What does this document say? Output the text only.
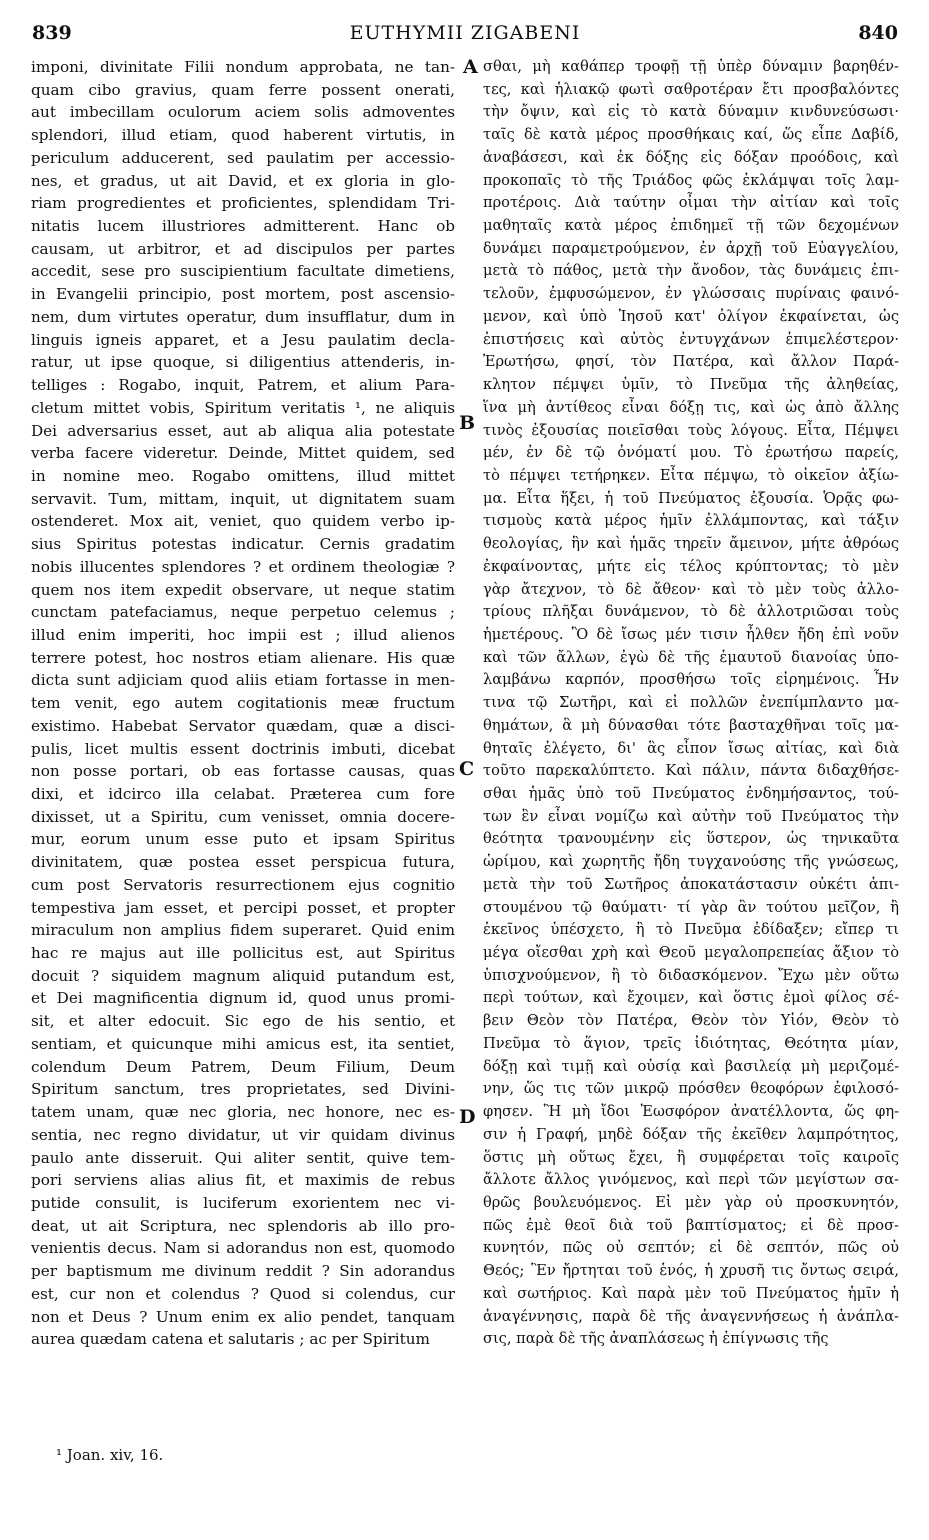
839	EUTHYMII ZIGABENI	840
imponi, divinitate Filii nondum approbata, ne tan-
quam cibo gravius, quam ferre possent onerati,
aut imbecillam oculorum aciem solis admoventes
splendori, illud etiam, quod haberent virtutis, in
periculum adducerent, sed paulatim per accessio-
nes, et gradus, ut ait David, et ex gloria in glo-
riam progredientes et proficientes, splendidam Tri-
nitatis lucem illustriores admitterent. Hanc ob
causam, ut arbitror, et ad discipulos per partes
accedit, sese pro suscipientium facultate dimetiens,
in Evangelii principio, post mortem, post ascensio-
nem, dum virtutes operatur, dum insufflatur, dum in
linguis igneis apparet, et a Jesu paulatim decla-
ratur, ut ipse quoque, si diligentius attenderis, in-
telliges : Rogabo, inquit, Patrem, et alium Para-
cletum mittet vobis, Spiritum veritatis ¹, ne aliquis
Dei adversarius esset, aut ab aliqua alia potestate
verba facere videretur. Deinde, Mittet quidem, sed
in nomine meo. Rogabo omittens, illud mittet
servavit. Tum, mittam, inquit, ut dignitatem suam
ostenderet. Mox ait, veniet, quo quidem verbo ip-
sius Spiritus potestas indicatur. Cernis gradatim
nobis illucentes splendores ? et ordinem theologiæ ?
quem nos item expedit observare, ut neque statim
cunctam patefaciamus, neque perpetuo celemus ;
illud enim imperiti, hoc impii est ; illud alienos
terrere potest, hoc nostros etiam alienare. His quæ
dicta sunt adjiciam quod aliis etiam fortasse in men-
tem venit, ego autem cogitationis meæ fructum
existimo. Habebat Servator quædam, quæ a disci-
pulis, licet multis essent doctrinis imbuti, dicebat
non posse portari, ob eas fortasse causas, quas
dixi, et idcirco illa celabat. Præterea cum fore
dixisset, ut a Spiritu, cum venisset, omnia docere-
mur, eorum unum esse puto et ipsam Spiritus
divinitatem, quæ postea esset perspicua futura,
cum post Servatoris resurrectionem ejus cognitio
tempestiva jam esset, et percipi posset, et propter
miraculum non amplius fidem superaret. Quid enim
hac re majus aut ille pollicitus est, aut Spiritus
docuit ? siquidem magnum aliquid putandum est,
et Dei magnificentia dignum id, quod unus promi-
sit, et alter edocuit. Sic ego de his sentio, et
sentiam, et quicunque mihi amicus est, ita sentiet,
colendum Deum Patrem, Deum Filium, Deum
Spiritum sanctum, tres proprietates, sed Divini-
tatem unam, quæ nec gloria, nec honore, nec es-
sentia, nec regno dividatur, ut vir quidam divinus
paulo ante disseruit. Qui aliter sentit, quive tem-
pori serviens alias alius fit, et maximis de rebus
putide consulit, is luciferum exorientem nec vi-
deat, ut ait Scriptura, nec splendoris ab illo pro-
venientis decus. Nam si adorandus non est, quomodo
per baptismum me divinum reddit ? Sin adorandus
est, cur non et colendus ? Quod si colendus, cur
non et Deus ? Unum enim ex alio pendet, tanquam
aurea quædam catena et salutaris ; ac per Spiritum
σθαι, μὴ καθάπερ τροφῇ τῇ ὑπὲρ δύναμιν βαρηθέν-
τες, καὶ ἡλιακῷ φωτὶ σαθροτέραν ἔτι προσβαλόντες
τὴν ὄψιν, καὶ εἰς τὸ κατὰ δύναμιν κινδυνεύσωσι·
ταῖς δὲ κατὰ μέρος προσθήκαις καί, ὥς εἶπε Δαβίδ,
ἀναβάσεσι, καὶ ἐκ δόξης εἰς δόξαν προόδοις, καὶ
προκοπαῖς τὸ τῆς Τριάδος φῶς ἐκλάμψαι τοῖς λαμ-
προτέροις. Διὰ ταύτην οἶμαι τὴν αἰτίαν καὶ τοῖς
μαθηταῖς κατὰ μέρος ἐπιδημεῖ τῇ τῶν δεχομένων
δυνάμει παραμετρούμενον, ἐν ἀρχῇ τοῦ Εὐαγγελίου,
μετὰ τὸ πάθος, μετὰ τὴν ἄνοδον, τὰς δυνάμεις ἐπι-
τελοῦν, ἐμφυσώμενον, ἐν γλώσσαις πυρίναις φαινό-
μενον, καὶ ὑπὸ Ἰησοῦ κατ' ὀλίγον ἐκφαίνεται, ὡς
ἐπιστήσεις καὶ αὐτὸς ἐντυγχάνων ἐπιμελέστερον·
Ἐρωτήσω, φησί, τὸν Πατέρα, καὶ ἄλλον Παρά-
κλητον πέμψει ὑμῖν, τὸ Πνεῦμα τῆς ἀληθείας,
ἵνα μὴ ἀντίθεος εἶναι δόξῃ τις, καὶ ὡς ἀπὸ ἄλλης
τινὸς ἐξουσίας ποιεῖσθαι τοὺς λόγους. Εἶτα, Πέμψει
μέν, ἐν δὲ τῷ ὀνόματί μου. Τὸ ἐρωτήσω παρείς,
τὸ πέμψει τετήρηκεν. Εἶτα πέμψω, τὸ οἰκεῖον ἀξίω-
μα. Εἶτα ἥξει, ἡ τοῦ Πνεύματος ἐξουσία. Ὁρᾷς φω-
τισμοὺς κατὰ μέρος ἡμῖν ἐλλάμποντας, καὶ τάξιν
θεολογίας, ἣν καὶ ἡμᾶς τηρεῖν ἄμεινον, μήτε ἀθρόως
ἐκφαίνοντας, μήτε εἰς τέλος κρύπτοντας; τὸ μὲν
γὰρ ἄτεχνον, τὸ δὲ ἄθεον· καὶ τὸ μὲν τοὺς ἀλλο-
τρίους πλῆξαι δυνάμενον, τὸ δὲ ἀλλοτριῶσαι τοὺς
ἡμετέρους. Ὃ δὲ ἴσως μέν τισιν ἦλθεν ἤδη ἐπὶ νοῦν
καὶ τῶν ἄλλων, ἐγὼ δὲ τῆς ἐμαυτοῦ διανοίας ὑπο-
λαμβάνω καρπόν, προσθήσω τοῖς εἰρημένοις. Ἦν
τινα τῷ Σωτῆρι, καὶ εἰ πολλῶν ἐνεπίμπλαντο μα-
θημάτων, ἃ μὴ δύνασθαι τότε βασταχθῆναι τοῖς μα-
θηταῖς ἐλέγετο, δι' ἃς εἶπον ἴσως αἰτίας, καὶ διὰ
τοῦτο παρεκαλύπτετο. Καὶ πάλιν, πάντα διδαχθήσε-
σθαι ἡμᾶς ὑπὸ τοῦ Πνεύματος ἐνδημήσαντος, τού-
των ἓν εἶναι νομίζω καὶ αὐτὴν τοῦ Πνεύματος τὴν
θεότητα τρανουμένην εἰς ὕστερον, ὡς τηνικαῦτα
ὡρίμου, καὶ χωρητῆς ἤδη τυγχανούσης τῆς γνώσεως,
μετὰ τὴν τοῦ Σωτῆρος ἀποκατάστασιν οὐκέτι ἀπι-
στουμένου τῷ θαύματι· τί γὰρ ἂν τούτου μεῖζον, ἢ
ἐκεῖνος ὑπέσχετο, ἢ τὸ Πνεῦμα ἐδίδαξεν; εἴπερ τι
μέγα οἴεσθαι χρὴ καὶ Θεοῦ μεγαλοπρεπείας ἄξιον τὸ
ὑπισχνούμενον, ἢ τὸ διδασκόμενον. Ἔχω μὲν οὕτω
περὶ τούτων, καὶ ἔχοιμεν, καὶ ὅστις ἐμοὶ φίλος σέ-
βειν Θεὸν τὸν Πατέρα, Θεὸν τὸν Υἱόν, Θεὸν τὸ
Πνεῦμα τὸ ἅγιον, τρεῖς ἰδιότητας, Θεότητα μίαν,
δόξῃ καὶ τιμῇ καὶ οὐσίᾳ καὶ βασιλείᾳ μὴ μεριζομέ-
νην, ὥς τις τῶν μικρῷ πρόσθεν θεοφόρων ἐφιλοσό-
φησεν. Ἢ μὴ ἴδοι Ἑωσφόρον ἀνατέλλοντα, ὥς φη-
σιν ἡ Γραφή, μηδὲ δόξαν τῆς ἐκεῖθεν λαμπρότητος,
ὅστις μὴ οὕτως ἔχει, ἢ συμφέρεται τοῖς καιροῖς
ἄλλοτε ἄλλος γινόμενος, καὶ περὶ τῶν μεγίστων σα-
θρῶς βουλευόμενος. Εἰ μὲν γὰρ οὐ προσκυνητόν,
πῶς ἐμὲ θεοῖ διὰ τοῦ βαπτίσματος; εἰ δὲ προσ-
κυνητόν, πῶς οὐ σεπτόν; εἰ δὲ σεπτόν, πῶς οὐ
Θεός; Ἓν ἤρτηται τοῦ ἑνός, ἡ χρυσῆ τις ὄντως σειρά,
καὶ σωτήριος. Καὶ παρὰ μὲν τοῦ Πνεύματος ἡμῖν ἡ
ἀναγέννησις, παρὰ δὲ τῆς ἀναγεννήσεως ἡ ἀνάπλα-
σις, παρὰ δὲ τῆς ἀναπλάσεως ἡ ἐπίγνωσις τῆς
A
B
C
D
¹ Joan. xiv, 16.
